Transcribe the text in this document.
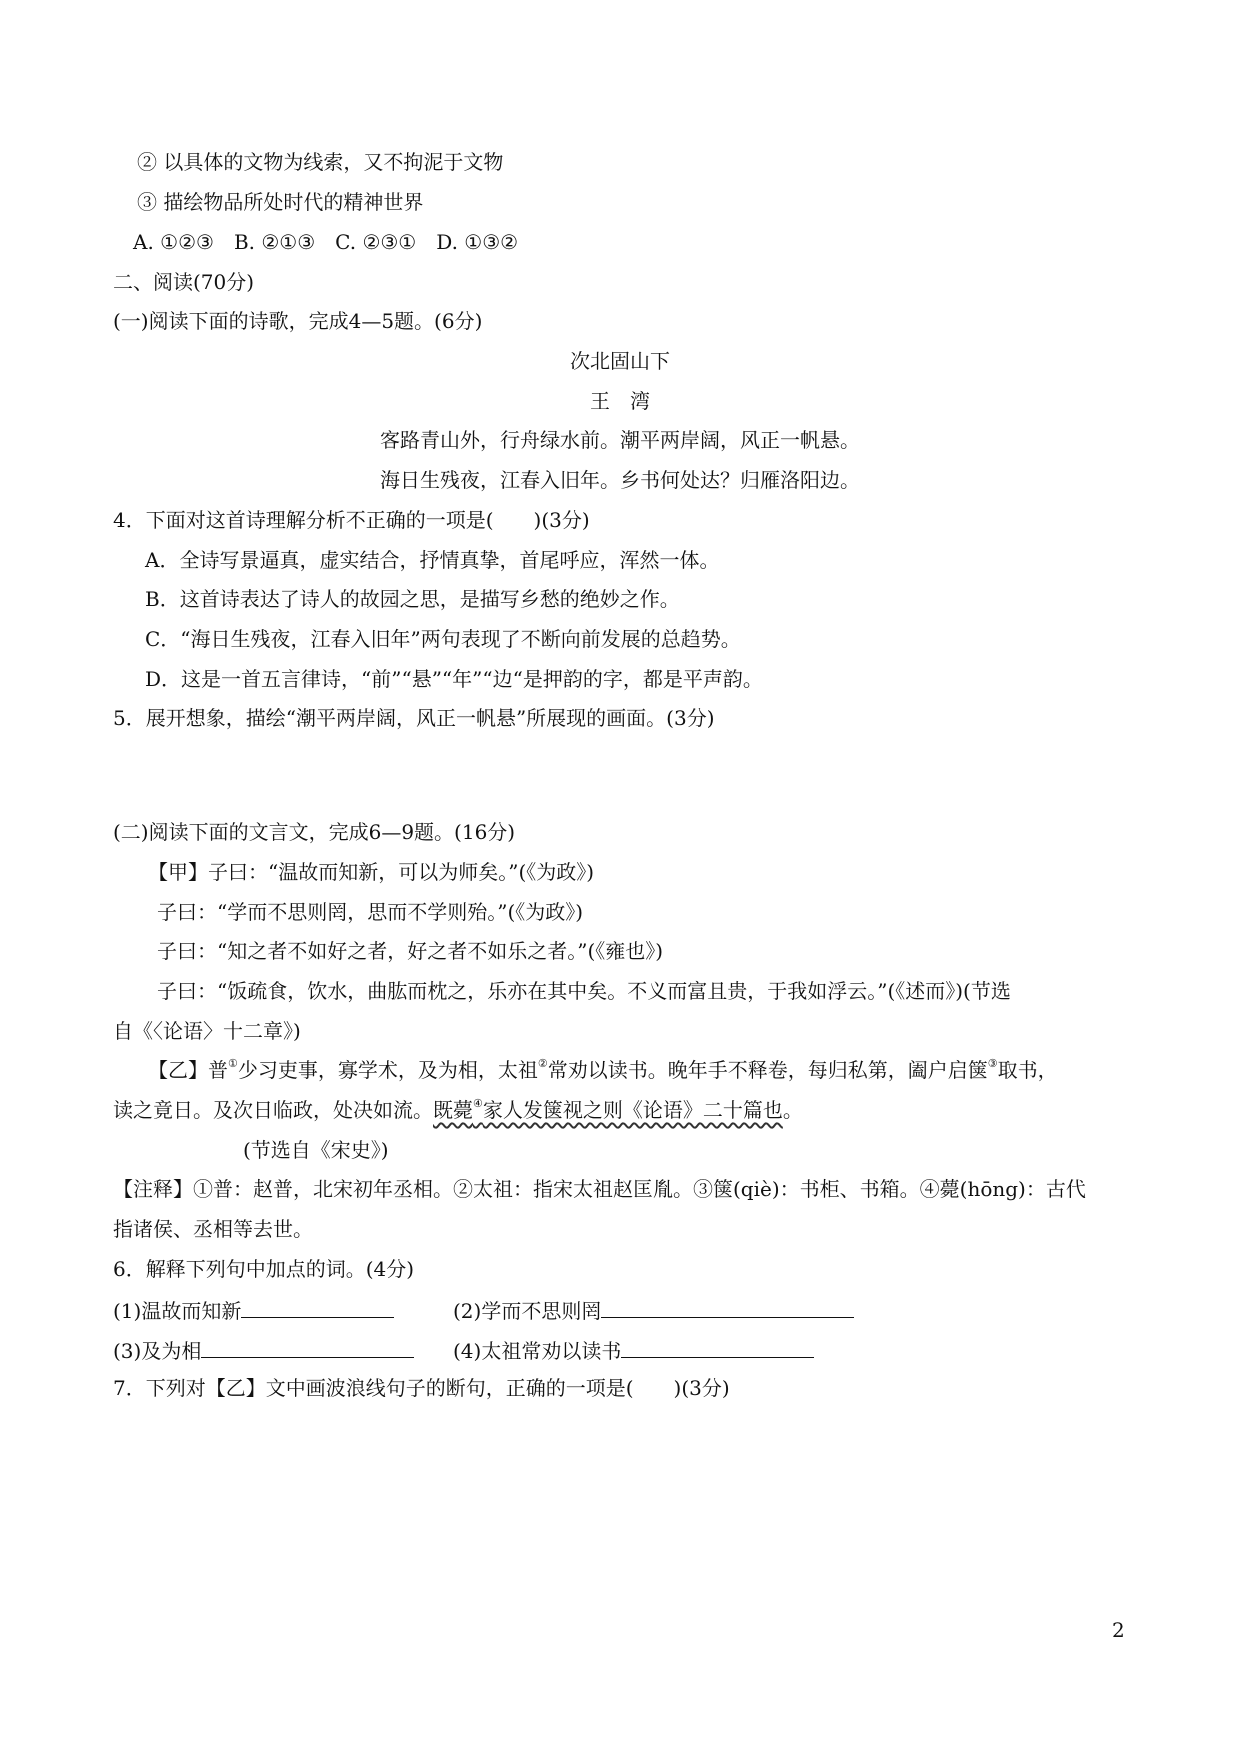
② 以具体的文物为线索，又不拘泥于文物
③ 描绘物品所处时代的精神世界
A. ①②③　B. ②①③　C. ②③①　D. ①③②
二、阅读(70分)
(一)阅读下面的诗歌，完成4—5题。(6分)
次北固山下
王　湾
客路青山外，行舟绿水前。潮平两岸阔，风正一帆悬。
海日生残夜，江春入旧年。乡书何处达？归雁洛阳边。
4．下面对这首诗理解分析不正确的一项是(　　)(3分)
A．全诗写景逼真，虚实结合，抒情真挚，首尾呼应，浑然一体。
B．这首诗表达了诗人的故园之思，是描写乡愁的绝妙之作。
C．“海日生残夜，江春入旧年”两句表现了不断向前发展的总趋势。
D．这是一首五言律诗，“前”“悬”“年”“边“是押韵的字，都是平声韵。
5．展开想象，描绘“潮平两岸阔，风正一帆悬”所展现的画面。(3分)
(二)阅读下面的文言文，完成6—9题。(16分)
【甲】子曰：“温故而知新，可以为师矣。”(《为政》)
子曰：“学而不思则罔，思而不学则殆。”(《为政》)
子曰：“知之者不如好之者，好之者不如乐之者。”(《雍也》)
子曰：“饭疏食，饮水，曲肱而枕之，乐亦在其中矣。不义而富且贵，于我如浮云。”(《述而》)(节选
自《〈论语〉十二章》)
【乙】普①少习吏事，寡学术，及为相，太祖②常劝以读书。晚年手不释卷，每归私第，阖户启箧③取书，
读之竟日。及次日临政，处决如流。既薨④家人发箧视之则《论语》二十篇也。
(节选自《宋史》)
【注释】①普：赵普，北宋初年丞相。②太祖：指宋太祖赵匡胤。③箧(qiè)：书柜、书箱。④薨(hōng)：古代
指诸侯、丞相等去世。
6．解释下列句中加点的词。(4分)
(1)温故而知新	(2)学而不思则罔
(3)及为相	(4)太祖常劝以读书
7．下列对【乙】文中画波浪线句子的断句，正确的一项是(　　)(3分)
2
